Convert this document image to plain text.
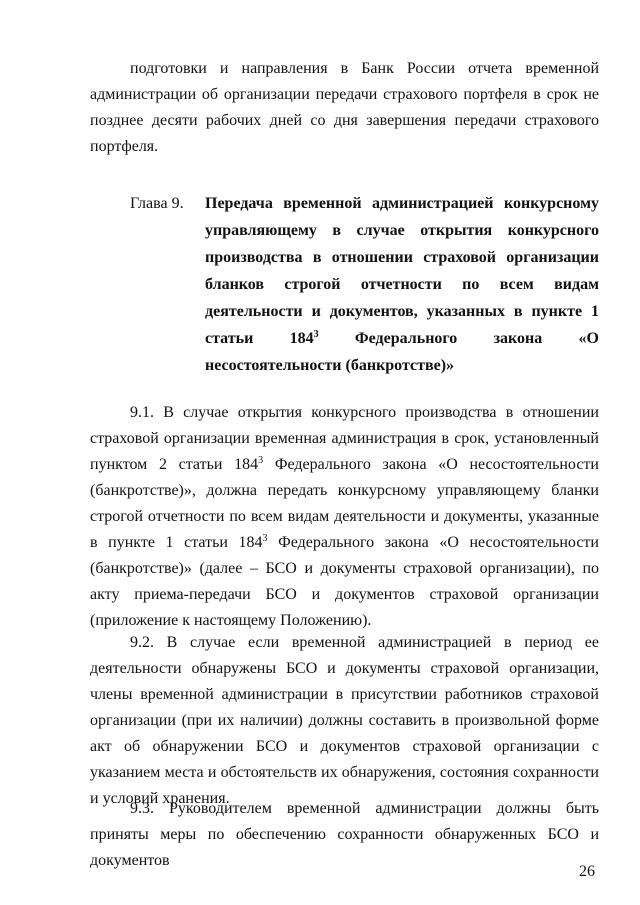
подготовки и направления в Банк России отчета временной администрации об организации передачи страхового портфеля в срок не позднее десяти рабочих дней со дня завершения передачи страхового портфеля.

Глава 9. Передача временной администрацией конкурсному управляющему в случае открытия конкурсного производства в отношении страховой организации бланков строгой отчетности по всем видам деятельности и документов, указанных в пункте 1 статьи $184^3$ Федерального закона «О несостоятельности (банкротстве)»

9.1. В случае открытия конкурсного производства в отношении страховой организации временная администрация в срок, установленный пунктом 2 статьи $184^3$ Федерального закона «О несостоятельности (банкротстве)», должна передать конкурсному управляющему бланки строгой отчетности по всем видам деятельности и документы, указанные в пункте 1 статьи $184^3$ Федерального закона «О несостоятельности (банкротстве)» (далее – БСО и документы страховой организации), по акту приема-передачи БСО и документов страховой организации (приложение к настоящему Положению).

9.2. В случае если временной администрацией в период ее деятельности обнаружены БСО и документы страховой организации, члены временной администрации в присутствии работников страховой организации (при их наличии) должны составить в произвольной форме акт об обнаружении БСО и документов страховой организации с указанием места и обстоятельств их обнаружения, состояния сохранности и условий хранения.

9.3. Руководителем временной администрации должны быть приняты меры по обеспечению сохранности обнаруженных БСО и документов

26
